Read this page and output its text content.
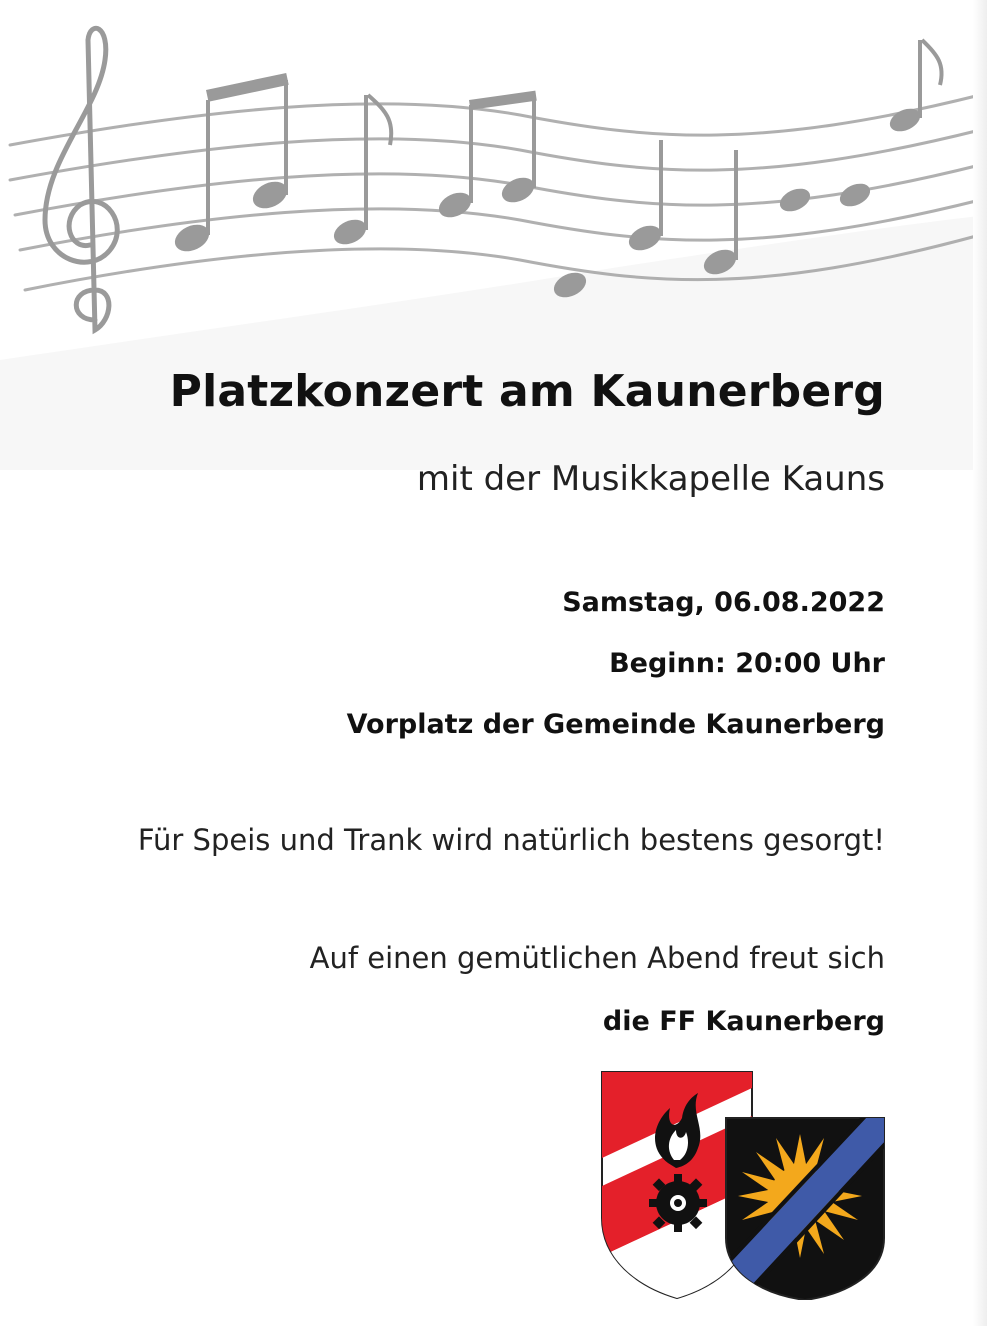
Platzkonzert am Kaunerberg
mit der Musikkapelle Kauns
Samstag, 06.08.2022
Beginn: 20:00 Uhr
Vorplatz der Gemeinde Kaunerberg
Für Speis und Trank wird natürlich bestens gesorgt!
Auf einen gemütlichen Abend freut sich
die FF Kaunerberg
